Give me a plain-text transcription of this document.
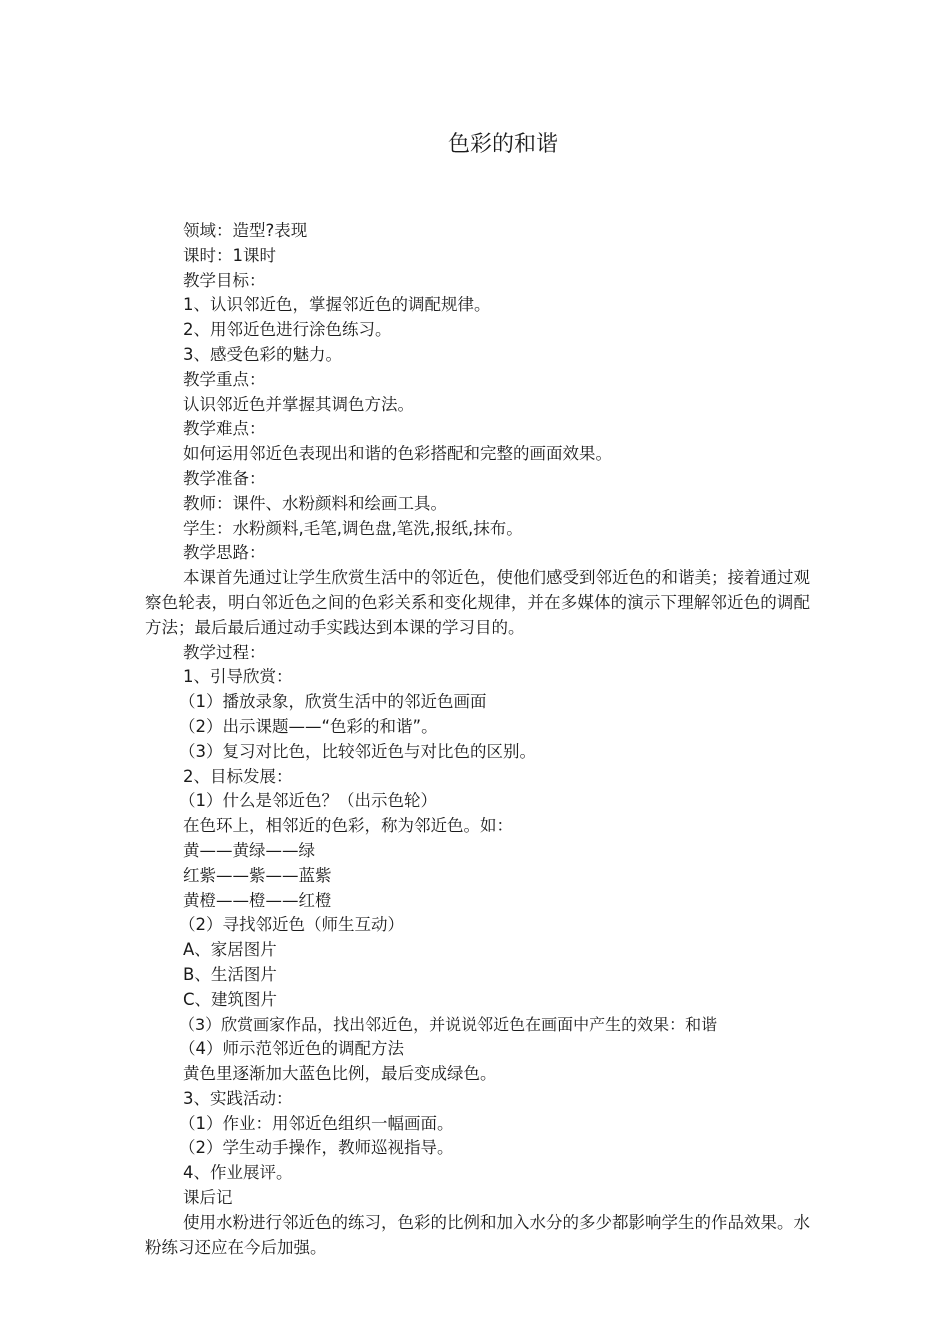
色彩的和谐

领域：造型?表现

课时：1课时

教学目标：

1、认识邻近色，掌握邻近色的调配规律。

2、用邻近色进行涂色练习。

3、感受色彩的魅力。

教学重点：

认识邻近色并掌握其调色方法。

教学难点：

如何运用邻近色表现出和谐的色彩搭配和完整的画面效果。

教学准备：

教师：课件、水粉颜料和绘画工具。

学生：水粉颜料,毛笔,调色盘,笔洗,报纸,抹布。

教学思路：

本课首先通过让学生欣赏生活中的邻近色，使他们感受到邻近色的和谐美；接着通过观察色轮表，明白邻近色之间的色彩关系和变化规律，并在多媒体的演示下理解邻近色的调配方法；最后最后通过动手实践达到本课的学习目的。

教学过程：

1、引导欣赏：

（1）播放录象，欣赏生活中的邻近色画面

（2）出示课题——“色彩的和谐”。

（3）复习对比色，比较邻近色与对比色的区别。

2、目标发展：

（1）什么是邻近色？（出示色轮）

在色环上，相邻近的色彩，称为邻近色。如：

黄——黄绿——绿

红紫——紫——蓝紫

黄橙——橙——红橙

（2）寻找邻近色（师生互动）

A、家居图片

B、生活图片

C、建筑图片

（3）欣赏画家作品，找出邻近色，并说说邻近色在画面中产生的效果：和谐

（4）师示范邻近色的调配方法

黄色里逐渐加大蓝色比例，最后变成绿色。

3、实践活动：

（1）作业：用邻近色组织一幅画面。

（2）学生动手操作，教师巡视指导。

4、作业展评。

课后记

使用水粉进行邻近色的练习，色彩的比例和加入水分的多少都影响学生的作品效果。水粉练习还应在今后加强。
